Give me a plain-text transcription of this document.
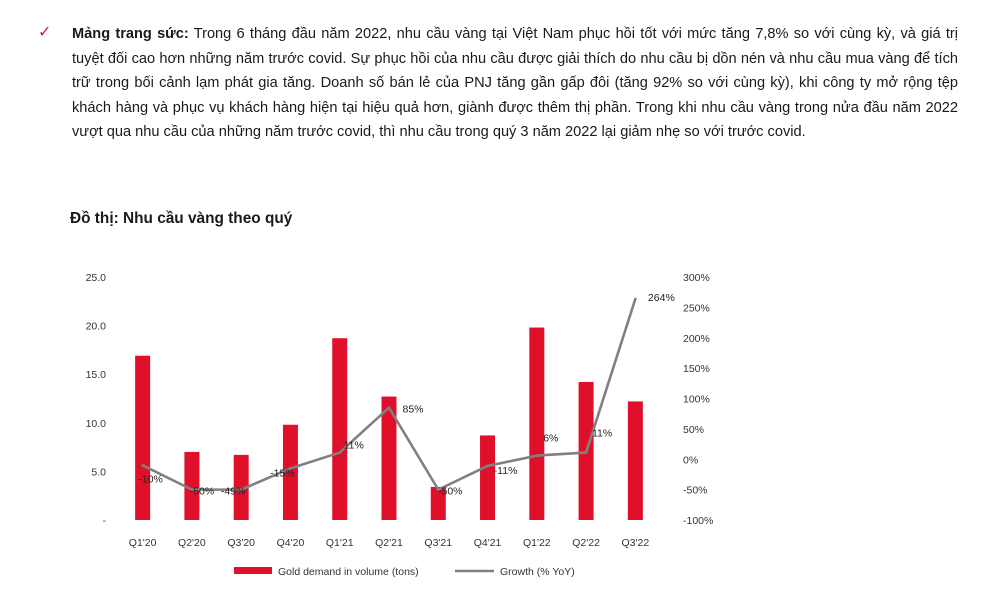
✓ Mảng trang sức: Trong 6 tháng đầu năm 2022, nhu cầu vàng tại Việt Nam phục hồi tốt với mức tăng 7,8% so với cùng kỳ, và giá trị tuyệt đối cao hơn những năm trước covid. Sự phục hồi của nhu cầu được giải thích do nhu cầu bị dồn nén và nhu cầu mua vàng để tích trữ trong bối cảnh lạm phát gia tăng. Doanh số bán lẻ của PNJ tăng gần gấp đôi (tăng 92% so với cùng kỳ), khi công ty mở rộng tệp khách hàng và phục vụ khách hàng hiện tại hiệu quả hơn, giành được thêm thị phần. Trong khi nhu cầu vàng trong nửa đầu năm 2022 vượt qua nhu cầu của những năm trước covid, thì nhu cầu trong quý 3 năm 2022 lại giảm nhẹ so với trước covid.
Đồ thị: Nhu cầu vàng theo quý
-
5.0
10.0
15.0
20.0
25.0
-100%
-50%
0%
50%
100%
150%
200%
250%
300%
Q1'20 Q2'20 Q3'20 Q4'20 Q1'21 Q2'21 Q3'21 Q4'21 Q1'22 Q2'22 Q3'22
-10%
-50% -49%
-15%
11%
85%
-50%
-11%
6%	11%
264%
Gold demand in volume (tons)	Growth (% YoY)
